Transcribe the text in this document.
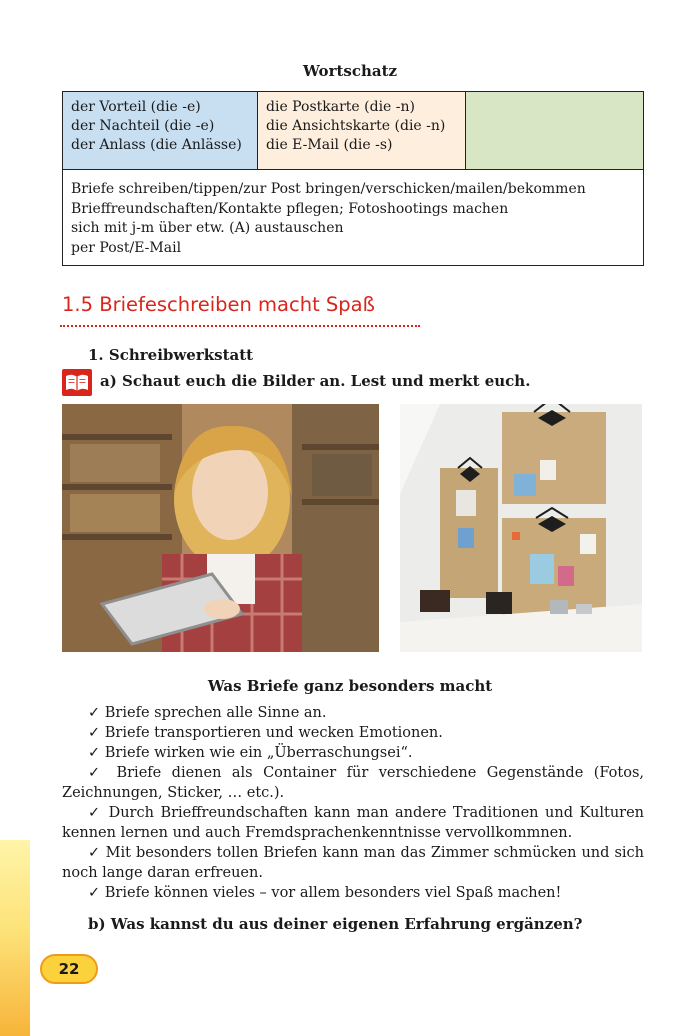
22
Wortschatz
der Vorteil (die -e)
der Nachteil (die -e)
der Anlass (die Anlässe)
die Postkarte (die -n)
die Ansichtskarte (die -n)
die E-Mail (die -s)
Briefe schreiben/tippen/zur Post bringen/verschicken/mailen/bekommen
Brieffreundschaften/Kontakte pflegen; Fotoshootings machen
sich mit j-m über etw. (A) austauschen
per Post/E-Mail
1.5 Briefeschreiben macht Spaß
1. Schreibwerkstatt
a) Schaut euch die Bilder an. Lest und merkt euch.
Was Briefe ganz besonders macht
✓ Briefe sprechen alle Sinne an.
✓ Briefe transportieren und wecken Emotionen.
✓ Briefe wirken wie ein „Überraschungsei“.
✓ Briefe dienen als Container für verschiedene Gegenstände (Fotos, Zeichnungen, Sticker, … etc.).
✓ Durch Brieffreundschaften kann man andere Traditionen und Kulturen kennen lernen und auch Fremdsprachenkenntnisse vervollkommnen.
✓ Mit besonders tollen Briefen kann man das Zimmer schmücken und sich noch lange daran erfreuen.
✓ Briefe können vieles – vor allem besonders viel Spaß machen!
b) Was kannst du aus deiner eigenen Erfahrung ergänzen?
